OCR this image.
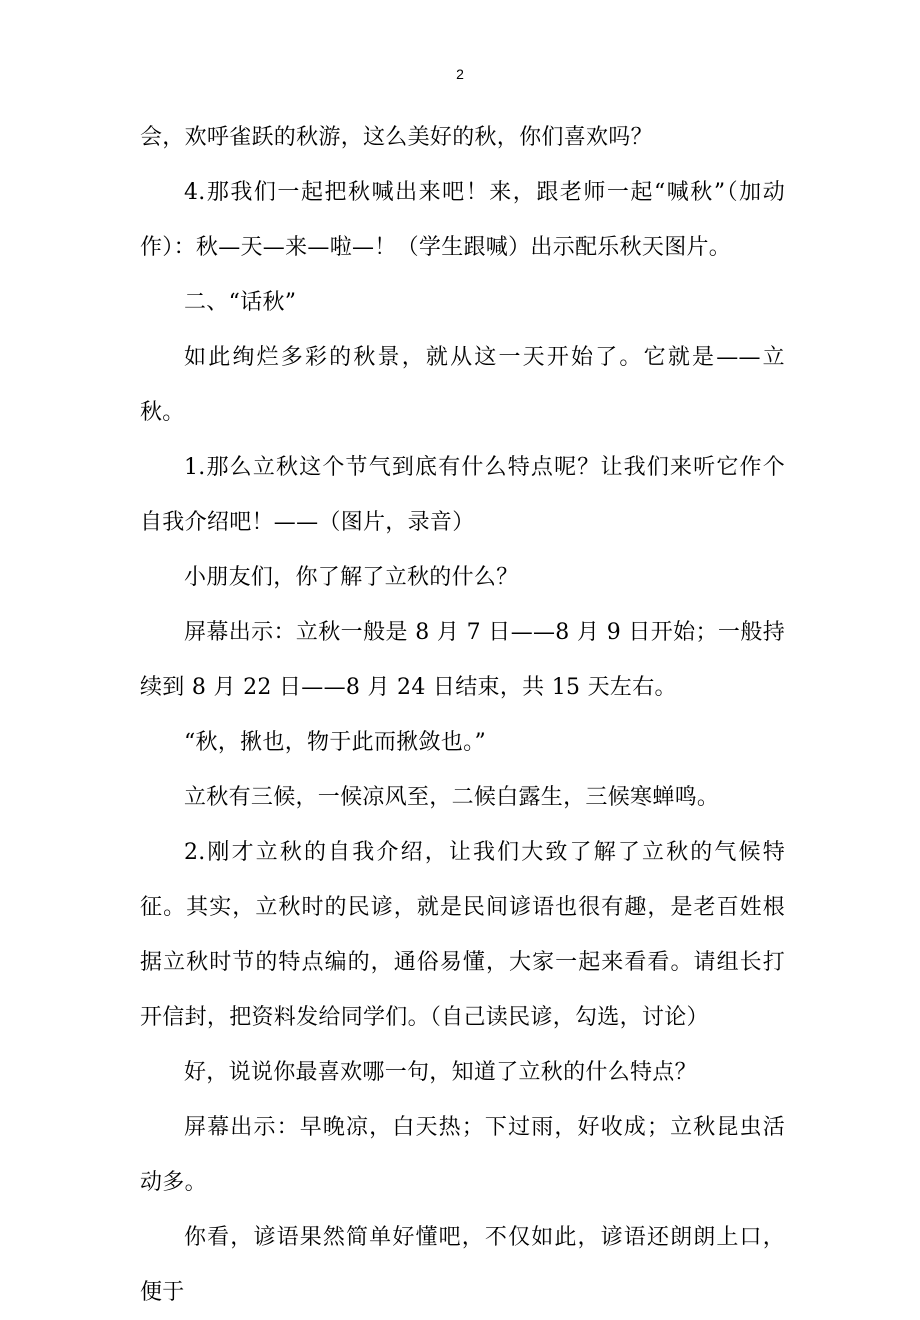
2

会，欢呼雀跃的秋游，这么美好的秋，你们喜欢吗？

4.那我们一起把秋喊出来吧！来，跟老师一起“喊秋”（加动作）：秋—天—来—啦—！（学生跟喊）出示配乐秋天图片。

二、“话秋”

如此绚烂多彩的秋景，就从这一天开始了。它就是——立秋。

1.那么立秋这个节气到底有什么特点呢？让我们来听它作个自我介绍吧！——（图片，录音）

小朋友们，你了解了立秋的什么？

屏幕出示：立秋一般是 8 月 7 日——8 月 9 日开始；一般持续到 8 月 22 日——8 月 24 日结束，共 15 天左右。

“秋，揪也，物于此而揪敛也。”

立秋有三候，一候凉风至，二候白露生，三候寒蝉鸣。

2.刚才立秋的自我介绍，让我们大致了解了立秋的气候特征。其实，立秋时的民谚，就是民间谚语也很有趣，是老百姓根据立秋时节的特点编的，通俗易懂，大家一起来看看。请组长打开信封，把资料发给同学们。（自己读民谚，勾选，讨论）

好，说说你最喜欢哪一句，知道了立秋的什么特点？

屏幕出示：早晚凉，白天热；下过雨，好收成；立秋昆虫活动多。

你看，谚语果然简单好懂吧，不仅如此，谚语还朗朗上口，便于
